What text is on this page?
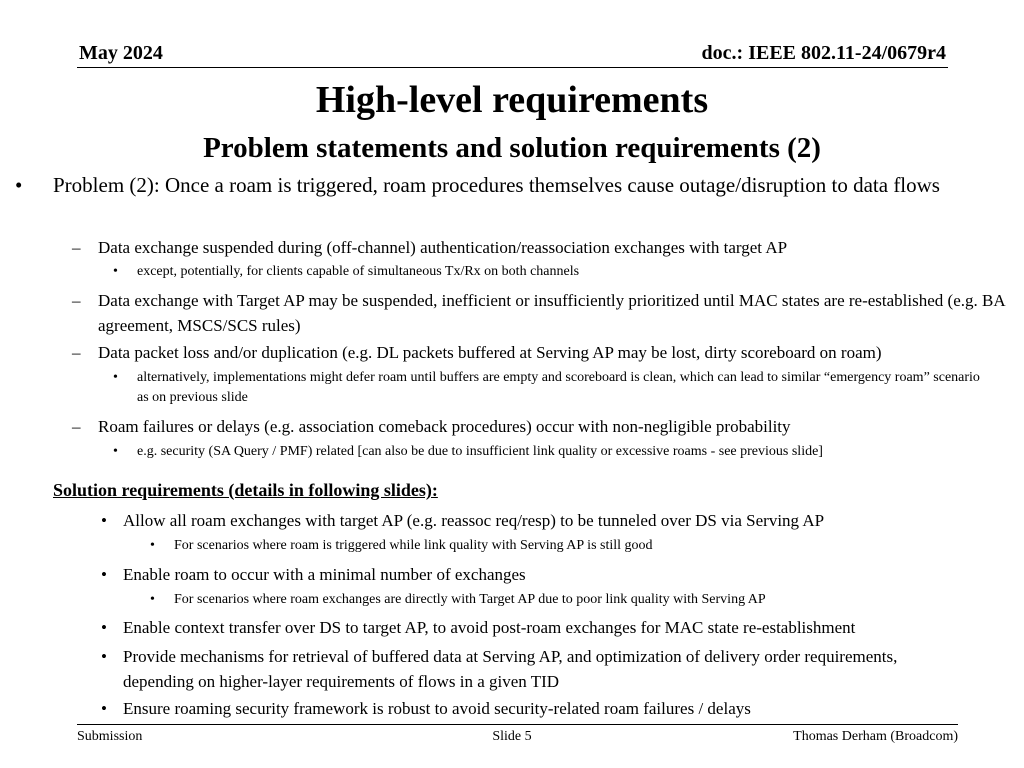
May 2024	doc.: IEEE 802.11-24/0679r4
High-level requirements
Problem statements and solution requirements (2)
• Problem (2): Once a roam is triggered, roam procedures themselves cause outage/disruption to data flows
– Data exchange suspended during (off-channel) authentication/reassociation exchanges with target AP
• except, potentially, for clients capable of simultaneous Tx/Rx on both channels
– Data exchange with Target AP may be suspended, inefficient or insufficiently prioritized until MAC states are re-established (e.g. BA agreement, MSCS/SCS rules)
– Data packet loss and/or duplication (e.g. DL packets buffered at Serving AP may be lost, dirty scoreboard on roam)
• alternatively, implementations might defer roam until buffers are empty and scoreboard is clean, which can lead to similar “emergency roam” scenario as on previous slide
– Roam failures or delays (e.g. association comeback procedures) occur with non-negligible probability
• e.g. security (SA Query / PMF) related [can also be due to insufficient link quality or excessive roams - see previous slide]
Solution requirements (details in following slides):
• Allow all roam exchanges with target AP (e.g. reassoc req/resp) to be tunneled over DS via Serving AP
• For scenarios where roam is triggered while link quality with Serving AP is still good
• Enable roam to occur with a minimal number of exchanges
• For scenarios where roam exchanges are directly with Target AP due to poor link quality with Serving AP
• Enable context transfer over DS to target AP, to avoid post-roam exchanges for MAC state re-establishment
• Provide mechanisms for retrieval of buffered data at Serving AP, and optimization of delivery order requirements, depending on higher-layer requirements of flows in a given TID
• Ensure roaming security framework is robust to avoid security-related roam failures / delays
Submission	Slide 5	Thomas Derham (Broadcom)
